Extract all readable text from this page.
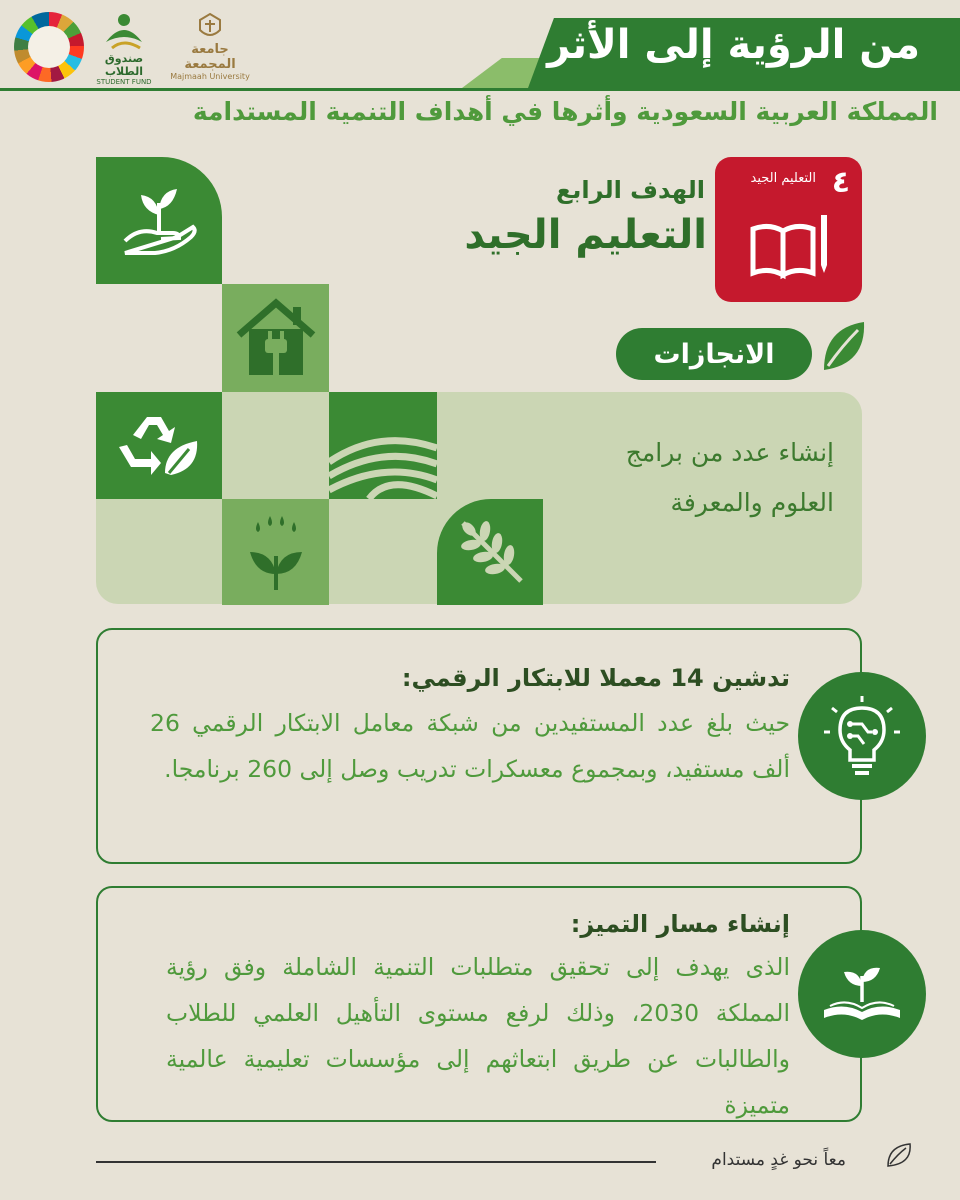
من الرؤية إلى الأثر
المملكة العربية السعودية وأثرها في أهداف التنمية المستدامة
صندوق الطلاب
STUDENT FUND
جامعة المجمعة
Majmaah University
٤
التعليم الجيد
الهدف الرابع
التعليم الجيد
الانجازات
إنشاء عدد من برامج العلوم والمعرفة
تدشين 14 معملا للابتكار الرقمي:
حيث بلغ عدد المستفيدين من شبكة معامل الابتكار الرقمي 26 ألف مستفيد، وبمجموع معسكرات تدريب وصل إلى 260 برنامجا.
إنشاء مسار التميز:
الذى يهدف إلى تحقيق متطلبات التنمية الشاملة وفق رؤية المملكة 2030، وذلك لرفع مستوى التأهيل العلمي للطلاب والطالبات عن طريق ابتعاثهم إلى مؤسسات تعليمية عالمية متميزة
معاً نحو غدٍ مستدام
